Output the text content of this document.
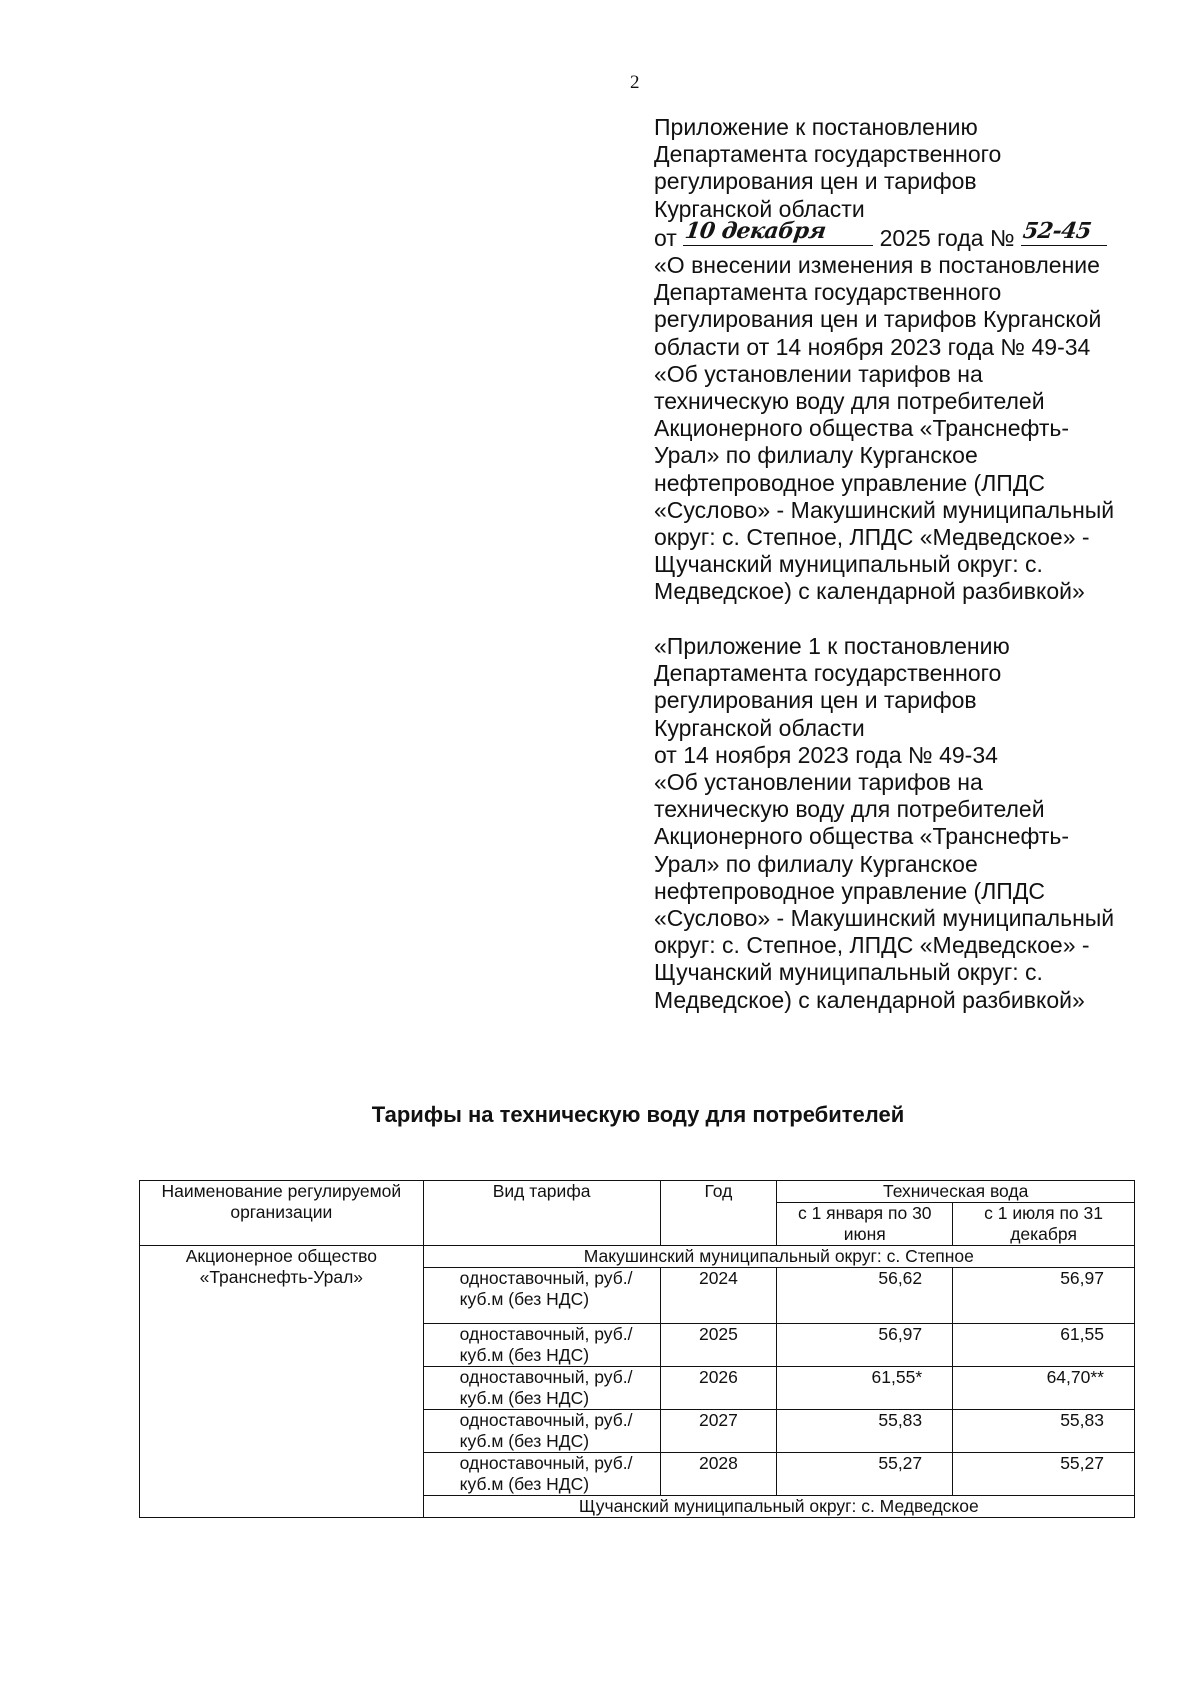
2
Приложение к постановлению
Департамента государственного
регулирования цен и тарифов
Курганской области
от 10 декабря 2025 года № 52-45
«О внесении изменения в постановление
Департамента государственного
регулирования цен и тарифов Курганской
области от 14 ноября 2023 года № 49-34
«Об установлении тарифов на
техническую воду для потребителей
Акционерного общества «Транснефть-
Урал» по филиалу Курганское
нефтепроводное управление (ЛПДС
«Суслово» - Макушинский муниципальный
округ: с. Степное, ЛПДС «Медведское» -
Щучанский муниципальный округ: с.
Медведское) с календарной разбивкой»
«Приложение 1 к постановлению
Департамента государственного
регулирования цен и тарифов
Курганской области
от 14 ноября 2023 года № 49-34
«Об установлении тарифов на
техническую воду для потребителей
Акционерного общества «Транснефть-
Урал» по филиалу Курганское
нефтепроводное управление (ЛПДС
«Суслово» - Макушинский муниципальный
округ: с. Степное, ЛПДС «Медведское» -
Щучанский муниципальный округ: с.
Медведское) с календарной разбивкой»
Тарифы на техническую воду для потребителей
Наименование регулируемой организации	Вид тарифа	Год	Техническая вода	
			с 1 января по 30 июня	с 1 июля по 31 декабря
Акционерное общество «Транснефть-Урал»	Макушинский муниципальный округ: с. Степное			
	одноставочный, руб./куб.м (без НДС)	2024	56,62	56,97
	одноставочный, руб./куб.м (без НДС)	2025	56,97	61,55
	одноставочный, руб./куб.м (без НДС)	2026	61,55*	64,70**
	одноставочный, руб./куб.м (без НДС)	2027	55,83	55,83
	одноставочный, руб./куб.м (без НДС)	2028	55,27	55,27
	Щучанский муниципальный округ: с. Медведское			
